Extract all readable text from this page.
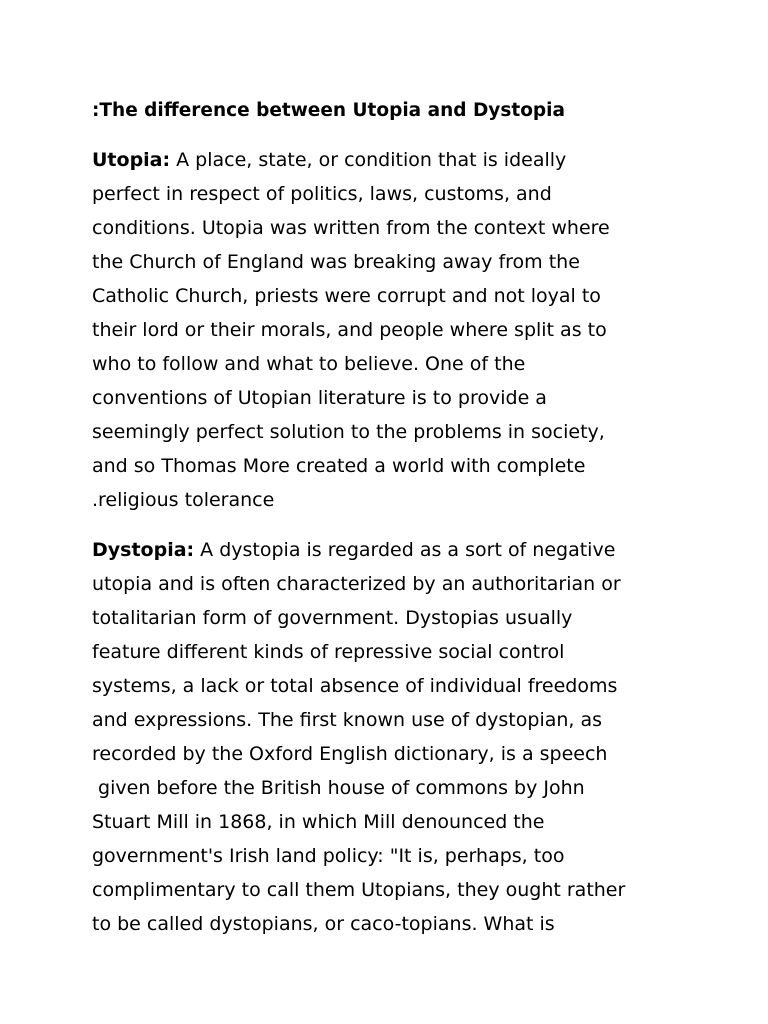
:The difference between Utopia and Dystopia
Utopia: A place, state, or condition that is ideally
perfect in respect of politics, laws, customs, and
conditions. Utopia was written from the context where
the Church of England was breaking away from the
Catholic Church, priests were corrupt and not loyal to
their lord or their morals, and people where split as to
who to follow and what to believe. One of the
conventions of Utopian literature is to provide a
seemingly perfect solution to the problems in society,
and so Thomas More created a world with complete
.religious tolerance
Dystopia: A dystopia is regarded as a sort of negative
utopia and is often characterized by an authoritarian or
totalitarian form of government. Dystopias usually
feature different kinds of repressive social control
systems, a lack or total absence of individual freedoms
and expressions. The first known use of dystopian, as
recorded by the Oxford English dictionary, is a speech
given before the British house of commons by John
Stuart Mill in 1868, in which Mill denounced the
government's Irish land policy: "It is, perhaps, too
complimentary to call them Utopians, they ought rather
to be called dystopians, or caco-topians. What is
